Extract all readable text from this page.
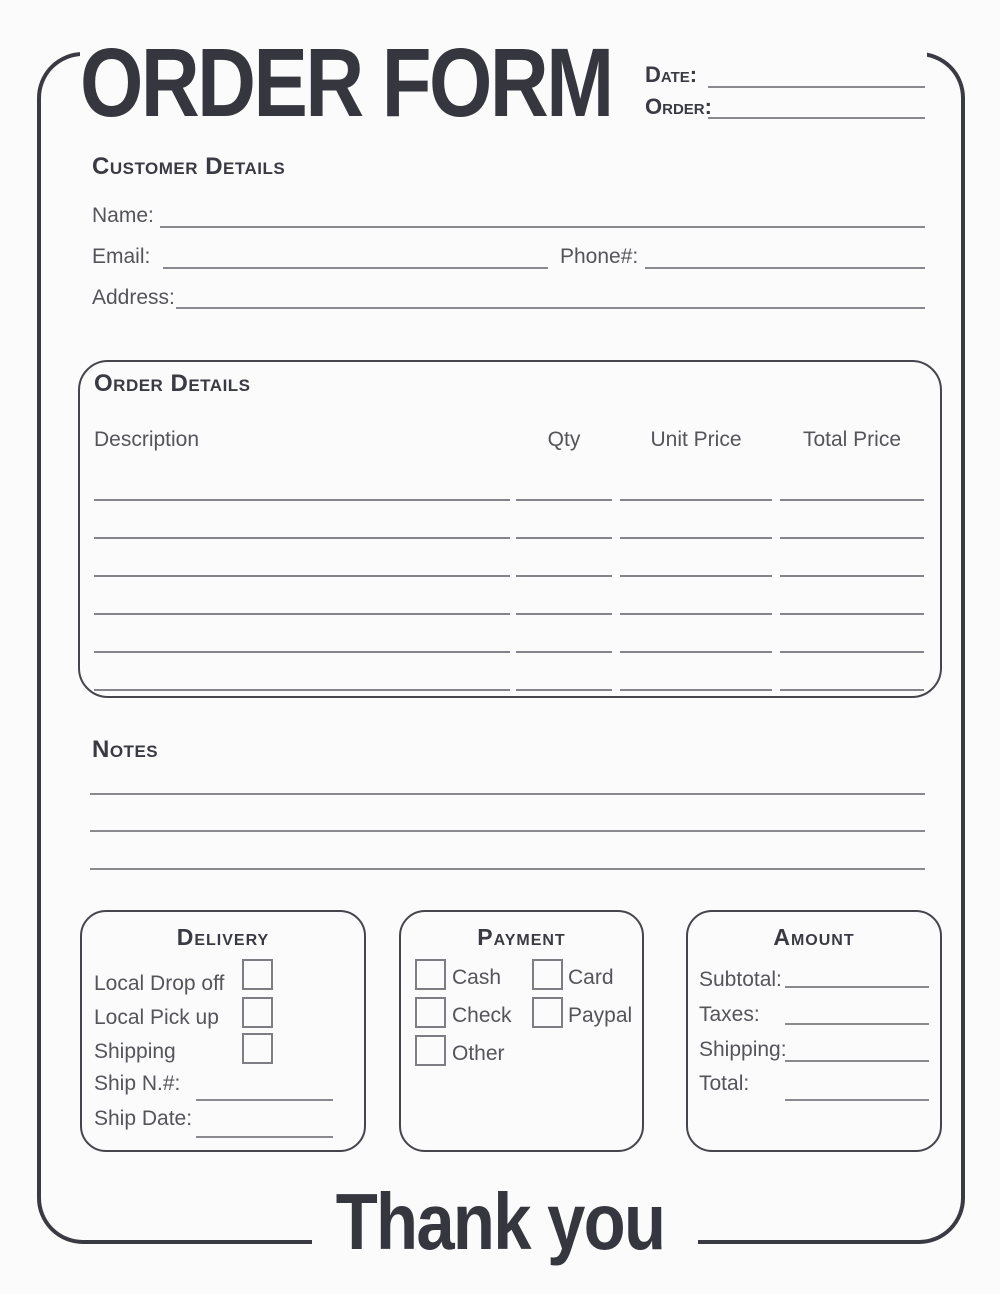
ORDER FORM Date:
Order:
Customer Details
Name:
Email:	Phone#:
Address:
Order Details
Description	Qty	Unit Price	Total Price
Notes
Delivery
Local Drop off
Local Pick up
Shipping
Ship N.#:
Ship Date:
Payment
Cash	Card
Check	Paypal
Other
Amount
Subtotal:
Taxes:
Shipping:
Total:
Thank you
